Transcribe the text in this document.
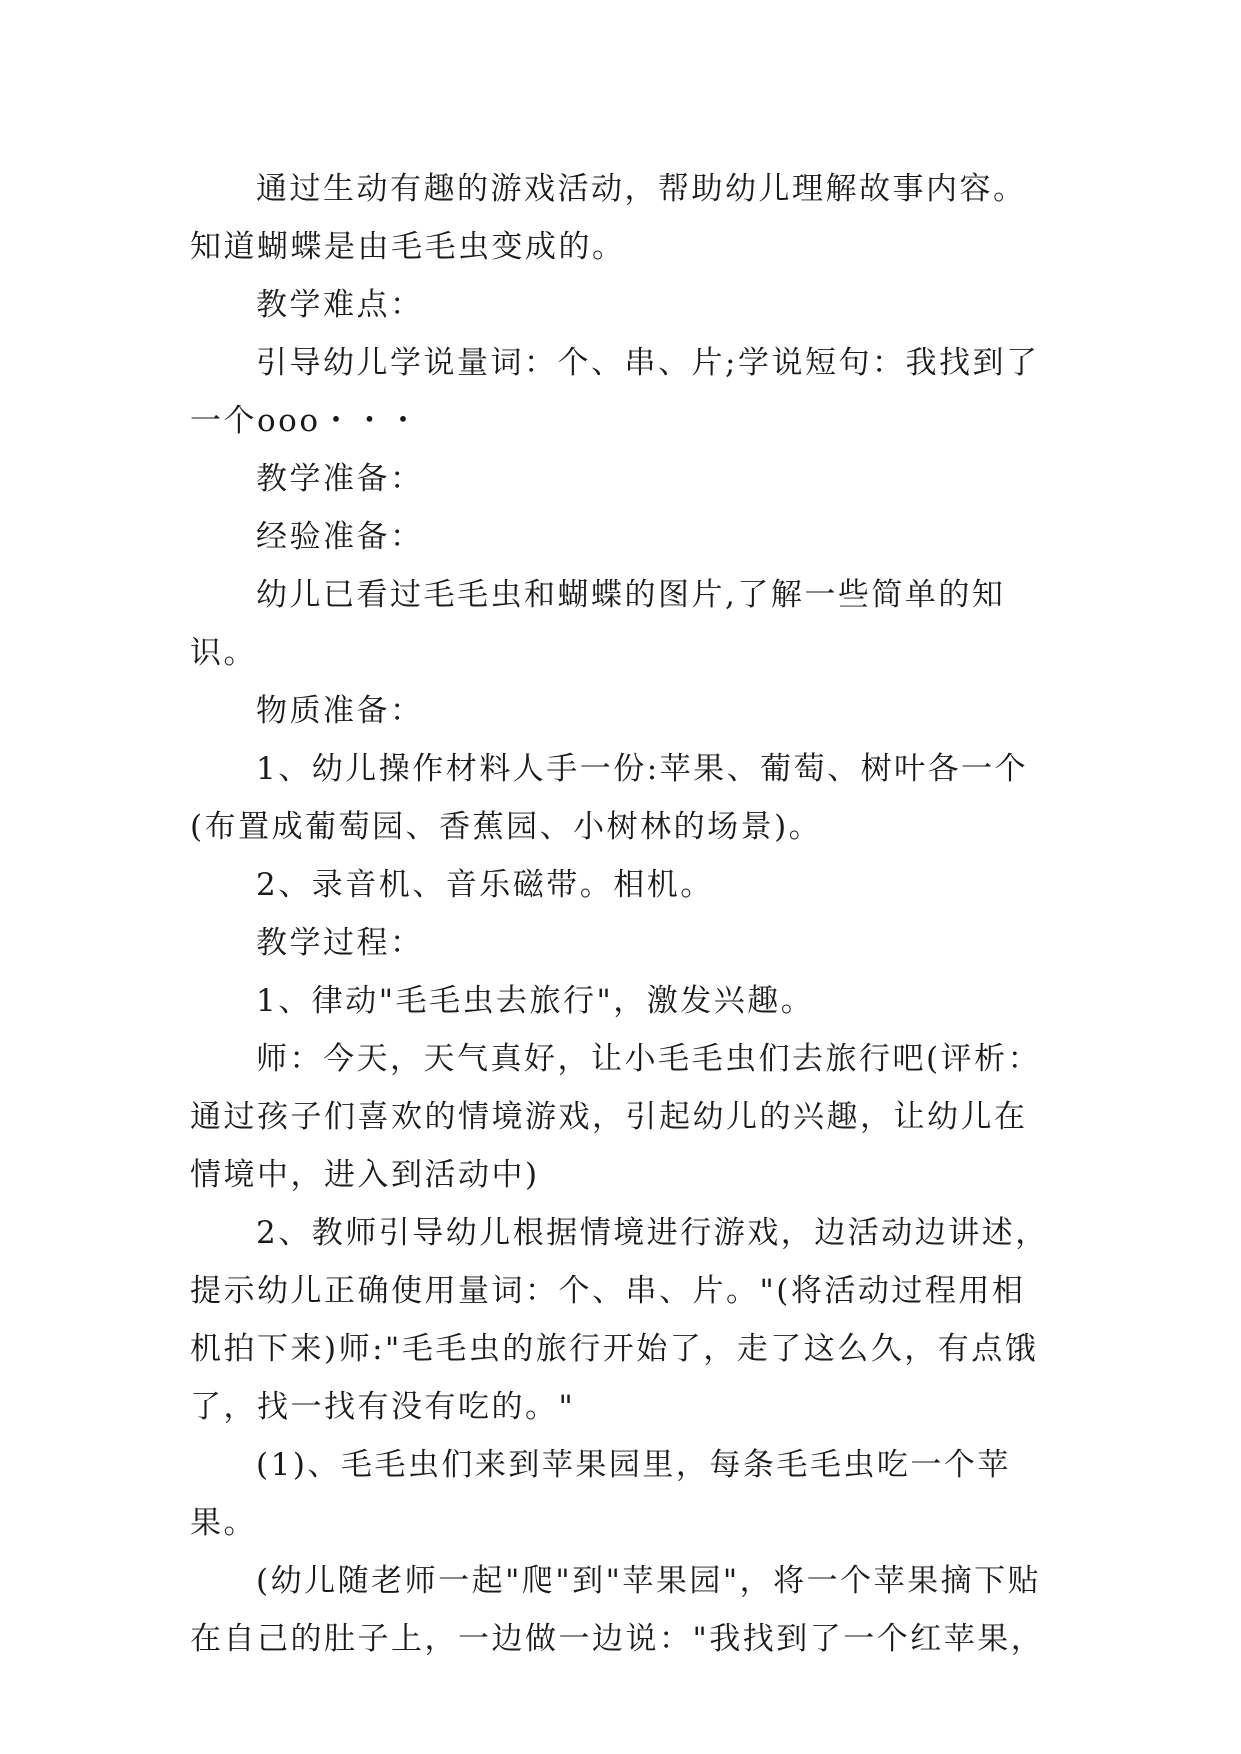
通过生动有趣的游戏活动，帮助幼儿理解故事内容。知道蝴蝶是由毛毛虫变成的。

教学难点：

引导幼儿学说量词：个、串、片;学说短句：我找到了一个ooo・・・

教学准备：

经验准备：

幼儿已看过毛毛虫和蝴蝶的图片,了解一些简单的知识。

物质准备：

1、幼儿操作材料人手一份:苹果、葡萄、树叶各一个(布置成葡萄园、香蕉园、小树林的场景)。

2、录音机、音乐磁带。相机。

教学过程：

1、律动"毛毛虫去旅行"，激发兴趣。

师：今天，天气真好，让小毛毛虫们去旅行吧(评析：通过孩子们喜欢的情境游戏，引起幼儿的兴趣，让幼儿在情境中，进入到活动中)

2、教师引导幼儿根据情境进行游戏，边活动边讲述，提示幼儿正确使用量词：个、串、片。"(将活动过程用相机拍下来)师:"毛毛虫的旅行开始了，走了这么久，有点饿了，找一找有没有吃的。"

(1)、毛毛虫们来到苹果园里，每条毛毛虫吃一个苹果。

(幼儿随老师一起"爬"到"苹果园"，将一个苹果摘下贴在自己的肚子上，一边做一边说："我找到了一个红苹果，
